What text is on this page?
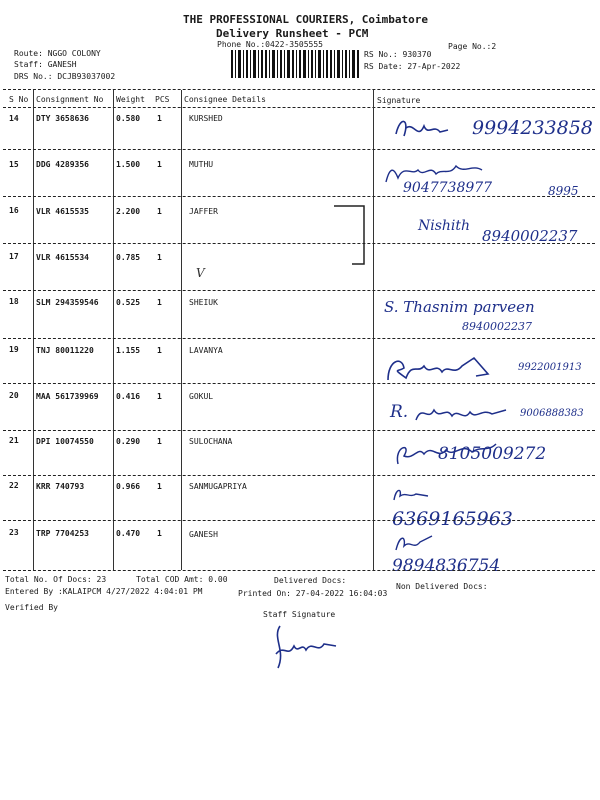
THE PROFESSIONAL COURIERS, Coimbatore
Delivery Runsheet - PCM
Phone No.:0422-3505555	Page No.:2
Route: NGGO COLONY
Staff: GANESH
DRS No.: DCJB93037002
RS No.: 930370
RS Date: 27-Apr-2022
S No Consignment No Weight PCS Consignee Details	Signature
14 DTY 3658636	0.580 1	KURSHED	9994233858
15 DDG 4289356	1.500 1	MUTHU
9047738977	8995
16 VLR 4615535	2.200 1	JAFFER
Nishith
8940002237
17 VLR 4615534	0.785 1
V
18 SLM 294359546 0.525 1	SHEIUK	S. Thasnim parveen
8940002237
19 TNJ 80011220	1.155 1	LAVANYA
9922001913
20 MAA 561739969 0.416 1	GOKUL
R.	9006888383
21 DPI 10074550	0.290 1	SULOCHANA
8105009272
22 KRR 740793	0.966 1	SANMUGAPRIYA
6369165963
23 TRP 7704253	0.470 1	GANESH
9894836754
Total No. Of Docs: 23	Total COD Amt: 0.00	Delivered Docs:
Non Delivered Docs:
Entered By :KALAIPCM 4/27/2022 4:04:01 PM	Printed On: 27-04-2022 16:04:03
Verified By
Staff Signature
